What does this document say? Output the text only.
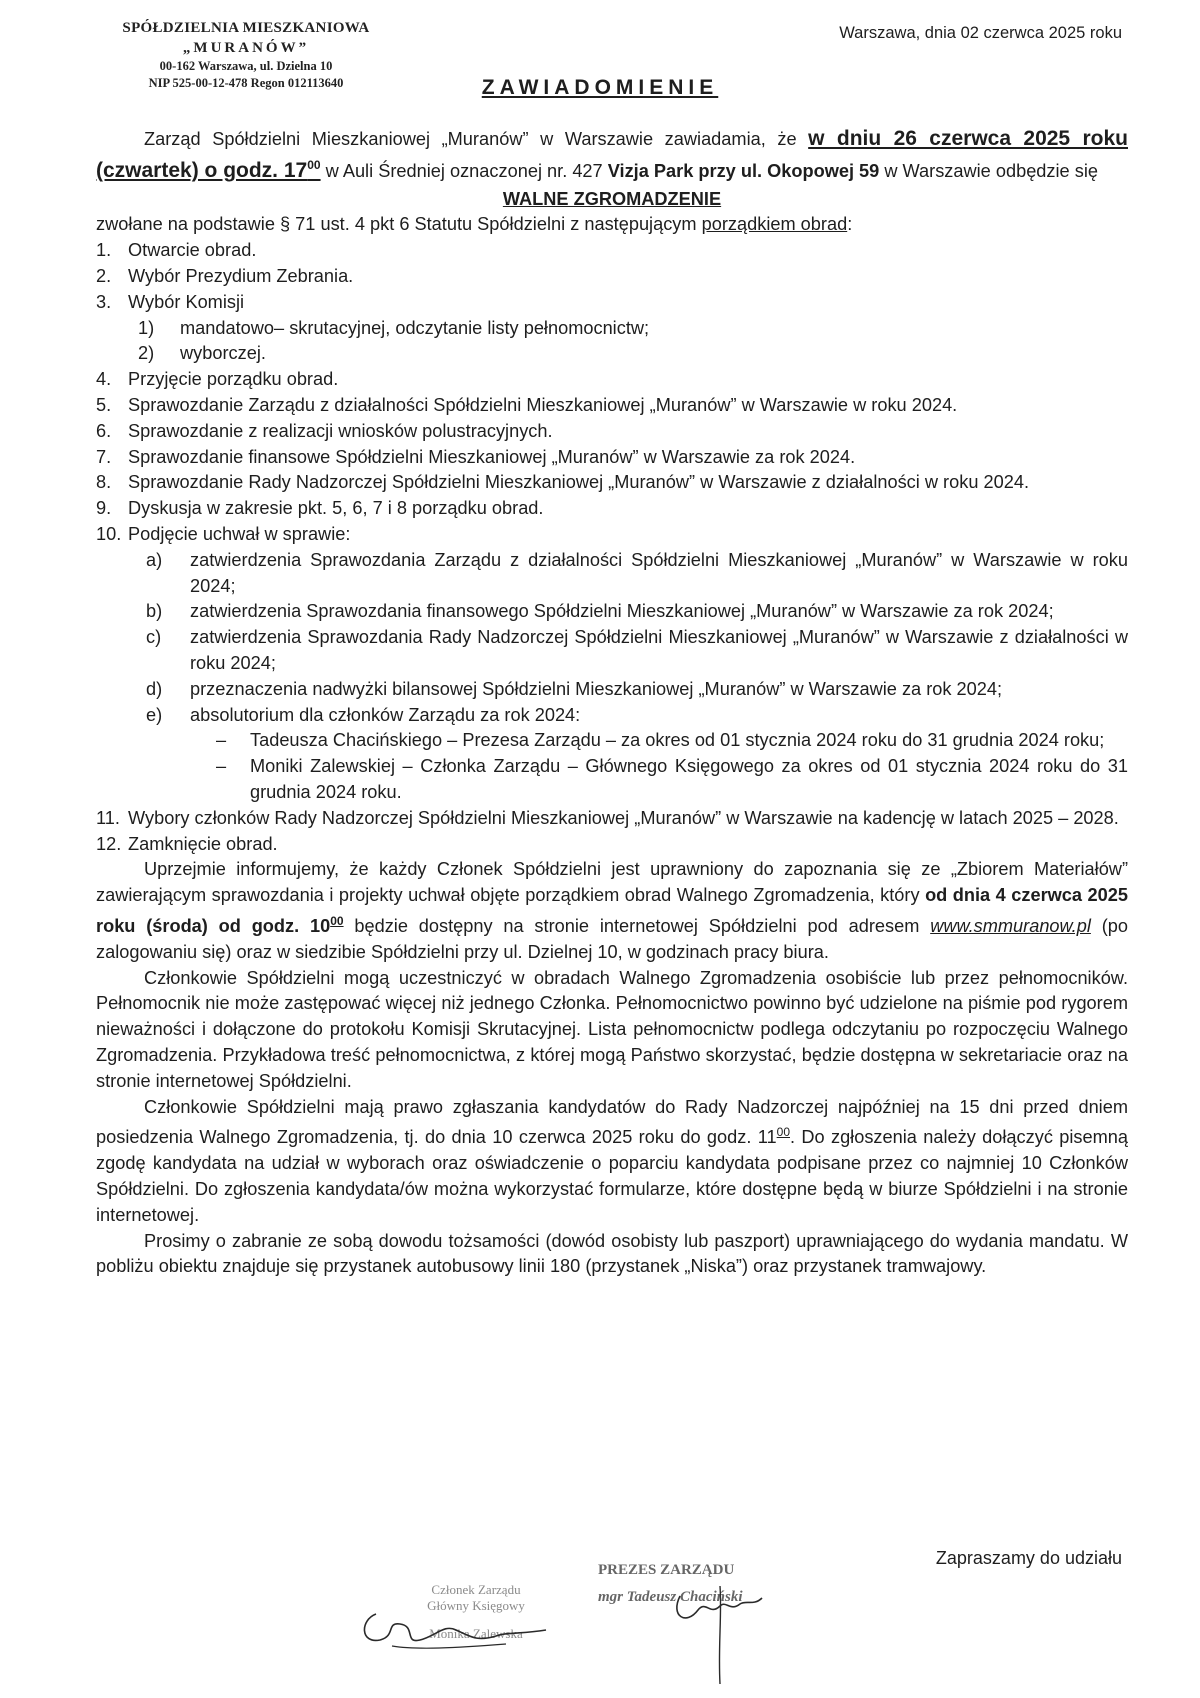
SPÓŁDZIELNIA MIESZKANIOWA
„MURANÓW”
00-162 Warszawa, ul. Dzielna 10
NIP 525-00-12-478 Regon 012113640
Warszawa, dnia 02 czerwca 2025 roku
ZAWIADOMIENIE
Zarząd Spółdzielni Mieszkaniowej „Muranów” w Warszawie zawiadamia, że w dniu 26 czerwca 2025 roku (czwartek) o godz. $17^{00}$ w Auli Średniej oznaczonej nr. 427 Vizja Park przy ul. Okopowej 59 w Warszawie odbędzie się
WALNE ZGROMADZENIE
zwołane na podstawie § 71 ust. 4 pkt 6 Statutu Spółdzielni z następującym porządkiem obrad:
1. Otwarcie obrad.
2. Wybór Prezydium Zebrania.
3. Wybór Komisji
1)	mandatowo– skrutacyjnej, odczytanie listy pełnomocnictw;
2)	wyborczej.
4. Przyjęcie porządku obrad.
5. Sprawozdanie Zarządu z działalności Spółdzielni Mieszkaniowej „Muranów” w Warszawie w roku 2024.
6. Sprawozdanie z realizacji wniosków polustracyjnych.
7. Sprawozdanie finansowe Spółdzielni Mieszkaniowej „Muranów” w Warszawie za rok 2024.
8. Sprawozdanie Rady Nadzorczej Spółdzielni Mieszkaniowej „Muranów” w Warszawie z działalności w roku 2024.
9. Dyskusja w zakresie pkt. 5, 6, 7 i 8 porządku obrad.
10. Podjęcie uchwał w sprawie:
a)	zatwierdzenia Sprawozdania Zarządu z działalności Spółdzielni Mieszkaniowej „Muranów” w Warszawie w roku 2024;
b)	zatwierdzenia Sprawozdania finansowego Spółdzielni Mieszkaniowej „Muranów” w Warszawie za rok 2024;
c)	zatwierdzenia Sprawozdania Rady Nadzorczej Spółdzielni Mieszkaniowej „Muranów” w Warszawie z działalności w roku 2024;
d)	przeznaczenia nadwyżki bilansowej Spółdzielni Mieszkaniowej „Muranów” w Warszawie za rok 2024;
e)	absolutorium dla członków Zarządu za rok 2024:
–	Tadeusza Chacińskiego – Prezesa Zarządu – za okres od 01 stycznia 2024 roku do 31 grudnia 2024 roku;
–	Moniki Zalewskiej – Członka Zarządu – Głównego Księgowego za okres od 01 stycznia 2024 roku do 31 grudnia 2024 roku.
11. Wybory członków Rady Nadzorczej Spółdzielni Mieszkaniowej „Muranów” w Warszawie na kadencję w latach 2025 – 2028.
12. Zamknięcie obrad.
Uprzejmie informujemy, że każdy Członek Spółdzielni jest uprawniony do zapoznania się ze „Zbiorem Materiałów” zawierającym sprawozdania i projekty uchwał objęte porządkiem obrad Walnego Zgromadzenia, który od dnia 4 czerwca 2025 roku (środa) od godz. $10^{00}$ będzie dostępny na stronie internetowej Spółdzielni pod adresem www.smmuranow.pl (po zalogowaniu się) oraz w siedzibie Spółdzielni przy ul. Dzielnej 10, w godzinach pracy biura.
Członkowie Spółdzielni mogą uczestniczyć w obradach Walnego Zgromadzenia osobiście lub przez pełnomocników. Pełnomocnik nie może zastępować więcej niż jednego Członka. Pełnomocnictwo powinno być udzielone na piśmie pod rygorem nieważności i dołączone do protokołu Komisji Skrutacyjnej. Lista pełnomocnictw podlega odczytaniu po rozpoczęciu Walnego Zgromadzenia. Przykładowa treść pełnomocnictwa, z której mogą Państwo skorzystać, będzie dostępna w sekretariacie oraz na stronie internetowej Spółdzielni.
Członkowie Spółdzielni mają prawo zgłaszania kandydatów do Rady Nadzorczej najpóźniej na 15 dni przed dniem posiedzenia Walnego Zgromadzenia, tj. do dnia 10 czerwca 2025 roku do godz. $11^{00}$. Do zgłoszenia należy dołączyć pisemną zgodę kandydata na udział w wyborach oraz oświadczenie o poparciu kandydata podpisane przez co najmniej 10 Członków Spółdzielni. Do zgłoszenia kandydata/ów można wykorzystać formularze, które dostępne będą w biurze Spółdzielni i na stronie internetowej.
Prosimy o zabranie ze sobą dowodu tożsamości (dowód osobisty lub paszport) uprawniającego do wydania mandatu. W pobliżu obiektu znajduje się przystanek autobusowy linii 180 (przystanek „Niska”) oraz przystanek tramwajowy.
Zapraszamy do udziału
Członek Zarządu
Główny Księgowy
Monika Zalewska
PREZES ZARZĄDU
mgr Tadeusz Chaciński
